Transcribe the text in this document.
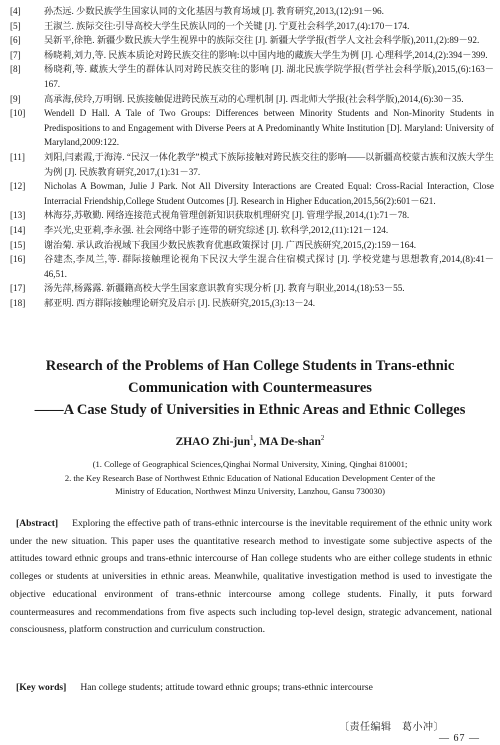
[4]	孙杰远. 少数民族学生国家认同的文化基因与教育场域 [J]. 教育研究,2013,(12):91－96.
[5]	王淑兰. 族际交往:引导高校大学生民族认同的一个关键 [J]. 宁夏社会科学,2017,(4):170－174.
[6]	吴新平,徐艳. 新疆少数民族大学生视界中的族际交往 [J]. 新疆大学学报(哲学人文社会科学版),2011,(2):89－92.
[7]	杨晓莉,刘力,等. 民族本质论对跨民族交往的影响:以中国内地的藏族大学生为例 [J]. 心理科学,2014,(2):394－399.
[8]	杨晓莉,等. 藏族大学生的群体认同对跨民族交往的影响 [J]. 湖北民族学院学报(哲学社会科学版),2015,(6):163－167.
[9]	高承海,侯玲,万明钢. 民族接触促进跨民族互动的心理机制 [J]. 西北师大学报(社会科学版),2014,(6):30－35.
[10]	Wendell D Hall. A Tale of Two Groups: Differences between Minority Students and Non-Minority Students in Predispositions to and Engagement with Diverse Peers at A Predominantly White Institution [D]. Maryland: University of Maryland,2009:122.
[11]	刘阳,闫素霞,于海涛. “民汉一体化教学”模式下族际接触对跨民族交往的影响——以新疆高校蒙古族和汉族大学生为例 [J]. 民族教育研究,2017,(1):31－37.
[12]	Nicholas A Bowman, Julie J Park. Not All Diversity Interactions are Created Equal: Cross-Racial Interaction, Close Interracial Friendship,College Student Outcomes [J]. Research in Higher Education,2015,56(2):601－621.
[13]	林海芬,苏敬勤. 网络连接范式视角管理创新知识获取机理研究 [J]. 管理学报,2014,(1):71－78.
[14]	李兴光,史亚莉,李永强. 社会网络中影子连带的研究综述 [J]. 软科学,2012,(11):121－124.
[15]	谢治菊. 承认政治视域下我国少数民族教育优惠政策探讨 [J]. 广西民族研究,2015,(2):159－164.
[16]	谷建杰,李凤兰,等. 群际接触理论视角下民汉大学生混合住宿模式探讨 [J]. 学校党建与思想教育,2014,(8):41－46,51.
[17]	汤先萍,杨露露. 新疆籍高校大学生国家意识教育实现分析 [J]. 教育与职业,2014,(18):53－55.
[18]	郝亚明. 西方群际接触理论研究及启示 [J]. 民族研究,2015,(3):13－24.
Research of the Problems of Han College Students in Trans-ethnic
Communication with Countermeasures
——A Case Study of Universities in Ethnic Areas and Ethnic Colleges
ZHAO Zhi-jun$^1$, MA De-shan$^2$
(1. College of Geographical Sciences,Qinghai Normal University, Xining, Qinghai 810001;
2. the Key Research Base of Northwest Ethnic Education of National Education Development Center of the
Ministry of Education, Northwest Minzu University, Lanzhou, Gansu 730030)
[Abstract] Exploring the effective path of trans-ethnic intercourse is the inevitable requirement of the ethnic unity work under the new situation. This paper uses the quantitative research method to investigate some subjective aspects of the attitudes toward ethnic groups and trans-ethnic intercourse of Han college students who are either college students in ethnic colleges or students at universities in ethnic areas. Meanwhile, qualitative investigation method is used to investigate the objective educational environment of trans-ethnic intercourse among college students. Finally, it puts forward countermeasures and recommendations from five aspects such including top-level design, strategic advancement, national consciousness, platform construction and curriculum construction.
[Key words] Han college students; attitude toward ethnic groups; trans-ethnic intercourse
〔责任编辑　葛小冲〕
— 67 —
